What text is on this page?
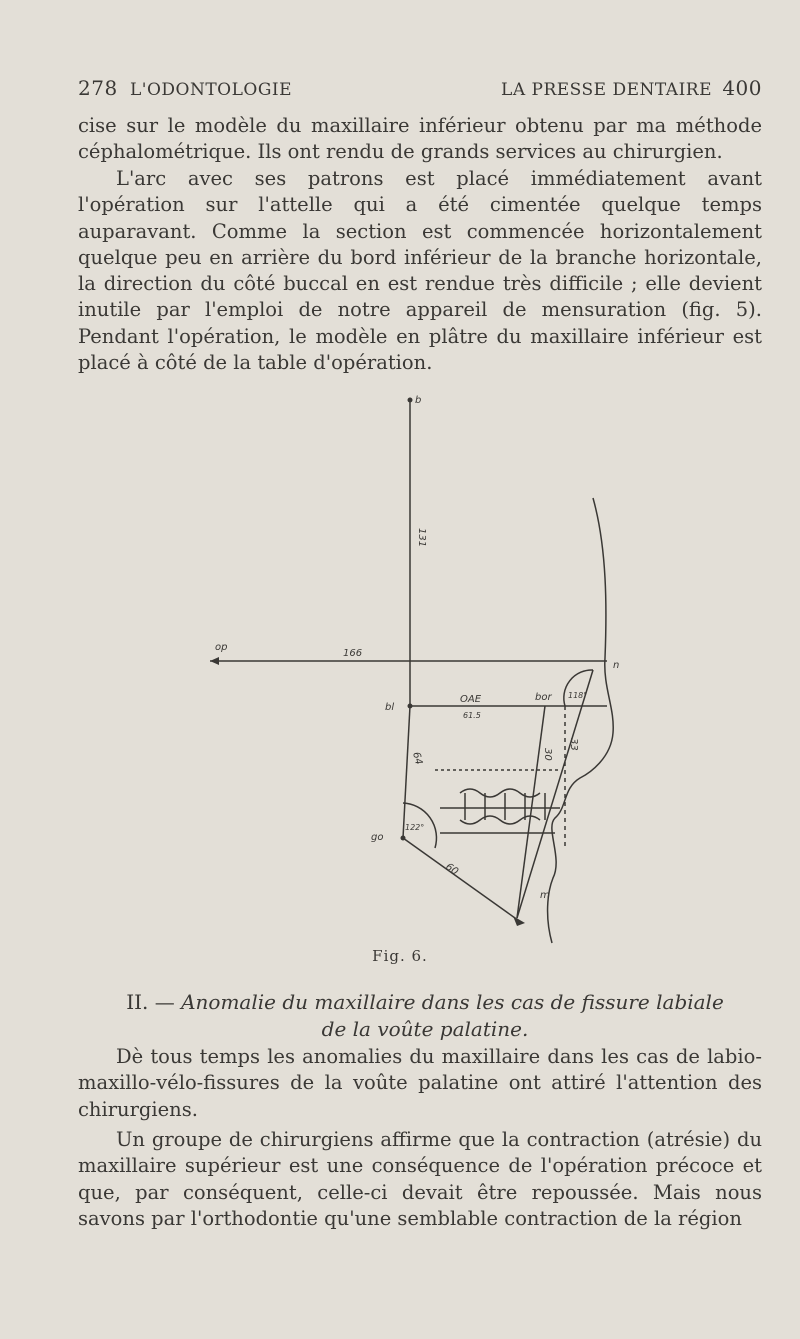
278 L'ODONTOLOGIE	LA PRESSE DENTAIRE 400

cise sur le modèle du maxillaire inférieur obtenu par ma méthode céphalométrique. Ils ont rendu de grands services au chirurgien.

L'arc avec ses patrons est placé immédiatement avant l'opération sur l'attelle qui a été cimentée quelque temps auparavant. Comme la section est commencée horizontalement quelque peu en arrière du bord inférieur de la branche horizontale, la direction du côté buccal en est rendue très difficile ; elle devient inutile par l'emploi de notre appareil de mensuration (fig. 5). Pendant l'opération, le modèle en plâtre du maxillaire inférieur est placé à côté de la table d'opération.

b
131
op
166
n
bl
OAE
61.5
bor 118°
30
33
64
go
122°
60
m
Fig. 6.
II. — Anomalie du maxillaire dans les cas de fissure labiale
de la voûte palatine.

Dè tous temps les anomalies du maxillaire dans les cas de labio-maxillo-vélo-fissures de la voûte palatine ont attiré l'attention des chirurgiens.

Un groupe de chirurgiens affirme que la contraction (atrésie) du maxillaire supérieur est une conséquence de l'opération précoce et que, par conséquent, celle-ci devait être repoussée. Mais nous savons par l'orthodontie qu'une semblable contraction de la région
